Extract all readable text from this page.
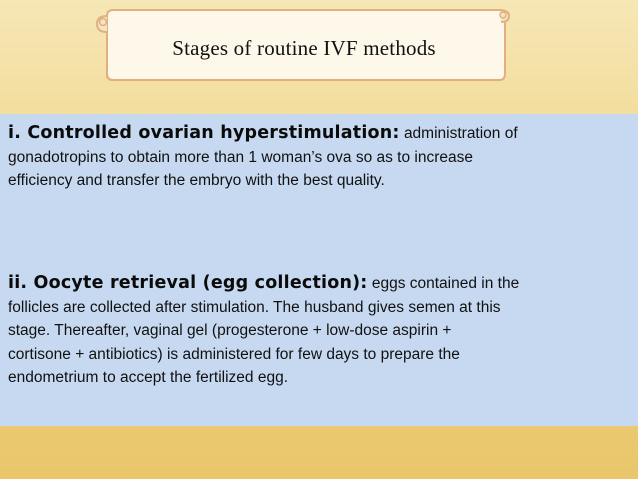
Stages of routine IVF methods
i. Controlled ovarian hyperstimulation: administration of
gonadotropins to obtain more than 1 woman’s ova so as to increase
efficiency and transfer the embryo with the best quality.
ii. Oocyte retrieval (egg collection): eggs contained in the
follicles are collected after stimulation. The husband gives semen at this
stage. Thereafter, vaginal gel (progesterone + low-dose aspirin +
cortisone + antibiotics) is administered for few days to prepare the
endometrium to accept the fertilized egg.
